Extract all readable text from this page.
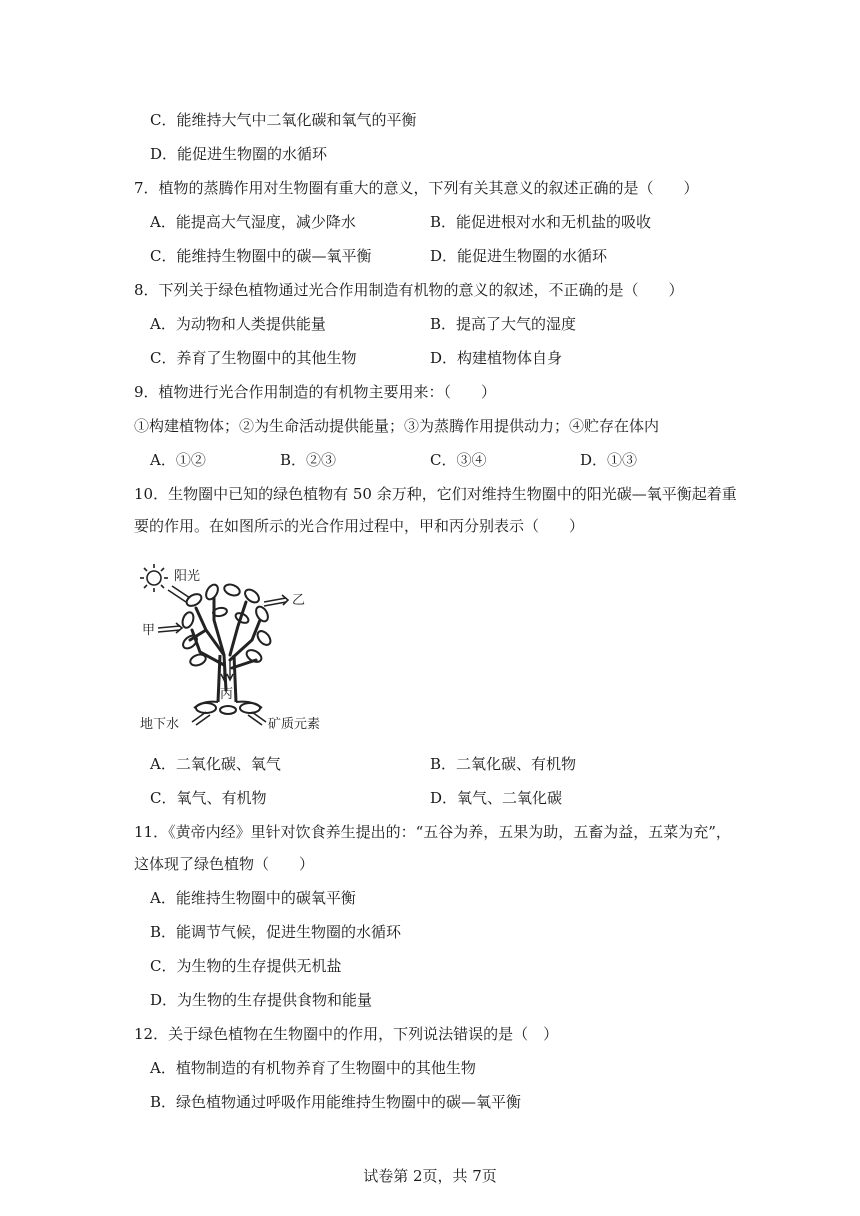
C．能维持大气中二氧化碳和氧气的平衡
D．能促进生物圈的水循环
7．植物的蒸腾作用对生物圈有重大的意义，下列有关其意义的叙述正确的是（　　）
A．能提高大气湿度，减少降水	B．能促进根对水和无机盐的吸收
C．能维持生物圈中的碳—氧平衡	D．能促进生物圈的水循环
8．下列关于绿色植物通过光合作用制造有机物的意义的叙述，不正确的是（　　）
A．为动物和人类提供能量	B．提高了大气的湿度
C．养育了生物圈中的其他生物	D．构建植物体自身
9．植物进行光合作用制造的有机物主要用来：（　　）
①构建植物体；②为生命活动提供能量；③为蒸腾作用提供动力；④贮存在体内
A．①②	B．②③	C．③④	D．①③
10．生物圈中已知的绿色植物有 50 余万种，它们对维持生物圈中的阳光碳—氧平衡起着重
要的作用。在如图所示的光合作用过程中，甲和丙分别表示（　　）
阳光
甲
乙
丙
地下水	矿质元素
A．二氧化碳、氧气	B．二氧化碳、有机物
C．氧气、有机物	D．氧气、二氧化碳
11．《黄帝内经》里针对饮食养生提出的：“五谷为养，五果为助，五畜为益，五菜为充”，
这体现了绿色植物（　　）
A．能维持生物圈中的碳氧平衡
B．能调节气候，促进生物圈的水循环
C．为生物的生存提供无机盐
D．为生物的生存提供食物和能量
12．关于绿色植物在生物圈中的作用，下列说法错误的是（　）
A．植物制造的有机物养育了生物圈中的其他生物
B．绿色植物通过呼吸作用能维持生物圈中的碳—氧平衡
试卷第 2页，共 7页
